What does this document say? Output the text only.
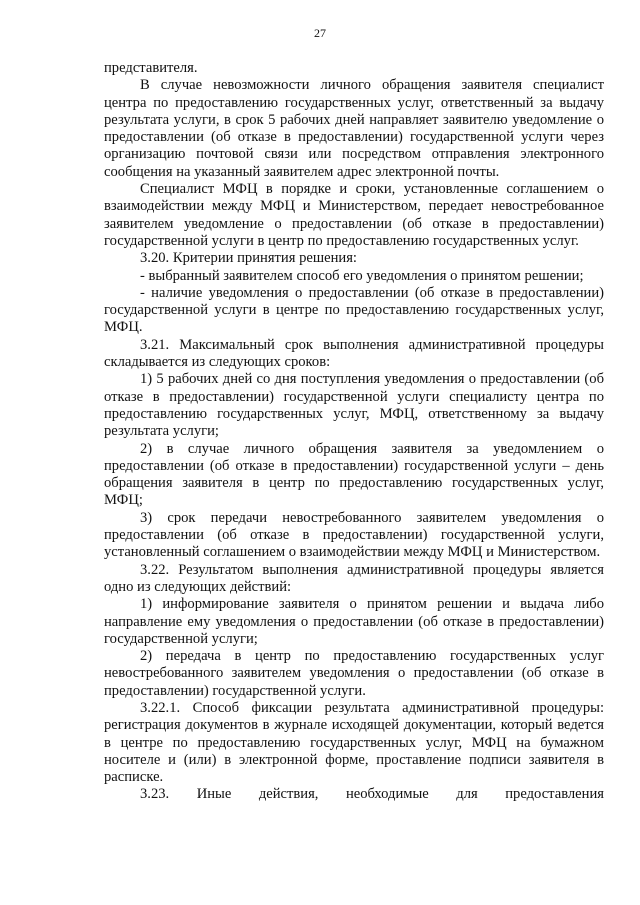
27

представителя.

В случае невозможности личного обращения заявителя специалист центра по предоставлению государственных услуг, ответственный за выдачу результата услуги, в срок 5 рабочих дней направляет заявителю уведомление о предоставлении (об отказе в предоставлении) государственной услуги через организацию почтовой связи или посредством отправления электронного сообщения на указанный заявителем адрес электронной почты.

Специалист МФЦ в порядке и сроки, установленные соглашением о взаимодействии между МФЦ и Министерством, передает невостребованное заявителем уведомление о предоставлении (об отказе в предоставлении) государственной услуги в центр по предоставлению государственных услуг.

3.20. Критерии принятия решения:

- выбранный заявителем способ его уведомления о принятом решении;

- наличие уведомления о предоставлении (об отказе в предоставлении) государственной услуги в центре по предоставлению государственных услуг, МФЦ.

3.21. Максимальный срок выполнения административной процедуры складывается из следующих сроков:

1) 5 рабочих дней со дня поступления уведомления о предоставлении (об отказе в предоставлении) государственной услуги специалисту центра по предоставлению государственных услуг, МФЦ, ответственному за выдачу результата услуги;

2) в случае личного обращения заявителя за уведомлением о предоставлении (об отказе в предоставлении) государственной услуги – день обращения заявителя в центр по предоставлению государственных услуг, МФЦ;

3) срок передачи невостребованного заявителем уведомления о предоставлении (об отказе в предоставлении) государственной услуги, установленный соглашением о взаимодействии между МФЦ и Министерством.

3.22. Результатом выполнения административной процедуры является одно из следующих действий:

1) информирование заявителя о принятом решении и выдача либо направление ему уведомления о предоставлении (об отказе в предоставлении) государственной услуги;

2) передача в центр по предоставлению государственных услуг невостребованного заявителем уведомления о предоставлении (об отказе в предоставлении) государственной услуги.

3.22.1. Способ фиксации результата административной процедуры: регистрация документов в журнале исходящей документации, который ведется в центре по предоставлению государственных услуг, МФЦ на бумажном носителе и (или) в электронной форме, проставление подписи заявителя в расписке.

3.23. Иные действия, необходимые для предоставления
